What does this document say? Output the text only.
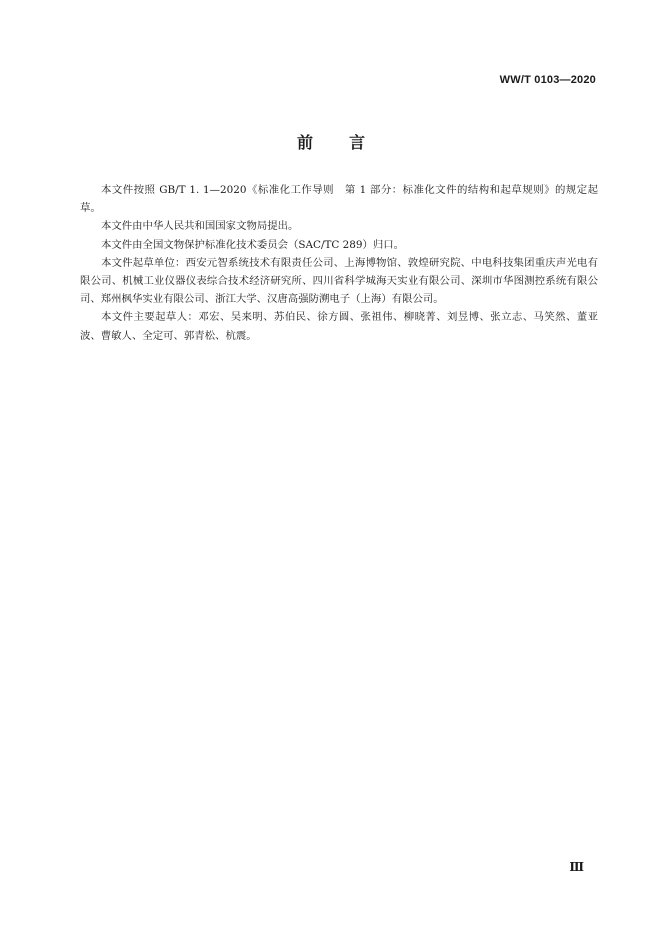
WW/T 0103—2020
前言

本文件按照 GB/T 1. 1—2020《标准化工作导则　第 1 部分：标准化文件的结构和起草规则》的规定起草。

本文件由中华人民共和国国家文物局提出。

本文件由全国文物保护标准化技术委员会（SAC/TC 289）归口。

本文件起草单位：西安元智系统技术有限责任公司、上海博物馆、敦煌研究院、中电科技集团重庆声光电有限公司、机械工业仪器仪表综合技术经济研究所、四川省科学城海天实业有限公司、深圳市华图测控系统有限公司、郑州枫华实业有限公司、浙江大学、汉唐高强防溯电子（上海）有限公司。

本文件主要起草人：邓宏、吴来明、苏伯民、徐方圆、张祖伟、柳晓菁、刘昱博、张立志、马笑然、董亚波、曹敏人、全定可、郭青松、杭震。

Ⅲ
